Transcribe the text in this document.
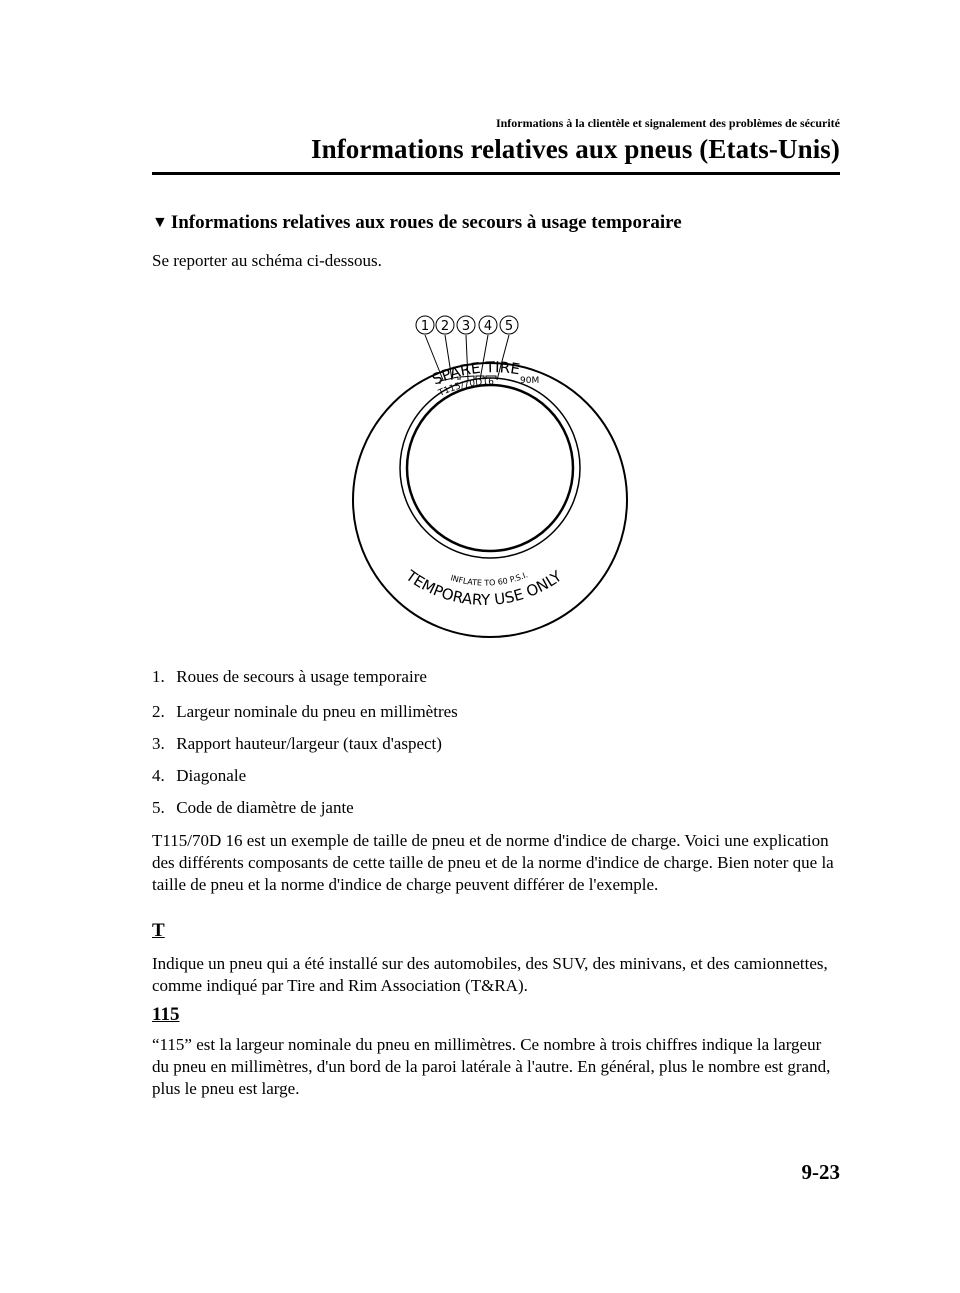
Informations à la clientèle et signalement des problèmes de sécurité
Informations relatives aux pneus (Etats-Unis)
▼ Informations relatives aux roues de secours à usage temporaire
Se reporter au schéma ci-dessous.
1 2 3 4 5
SPARE TIRE
T115/70D16	90M
TEMPORARY USE ONLY
INFLATE TO 60 P.S.I.
1. Roues de secours à usage temporaire
2. Largeur nominale du pneu en millimètres
3. Rapport hauteur/largeur (taux d'aspect)
4. Diagonale
5. Code de diamètre de jante
T115/70D 16 est un exemple de taille de pneu et de norme d'indice de charge. Voici une explication des différents composants de cette taille de pneu et de la norme d'indice de charge. Bien noter que la taille de pneu et la norme d'indice de charge peuvent différer de l'exemple.
T
Indique un pneu qui a été installé sur des automobiles, des SUV, des minivans, et des camionnettes, comme indiqué par Tire and Rim Association (T&RA).
115
“115” est la largeur nominale du pneu en millimètres. Ce nombre à trois chiffres indique la largeur du pneu en millimètres, d'un bord de la paroi latérale à l'autre. En général, plus le nombre est grand, plus le pneu est large.
9-23
